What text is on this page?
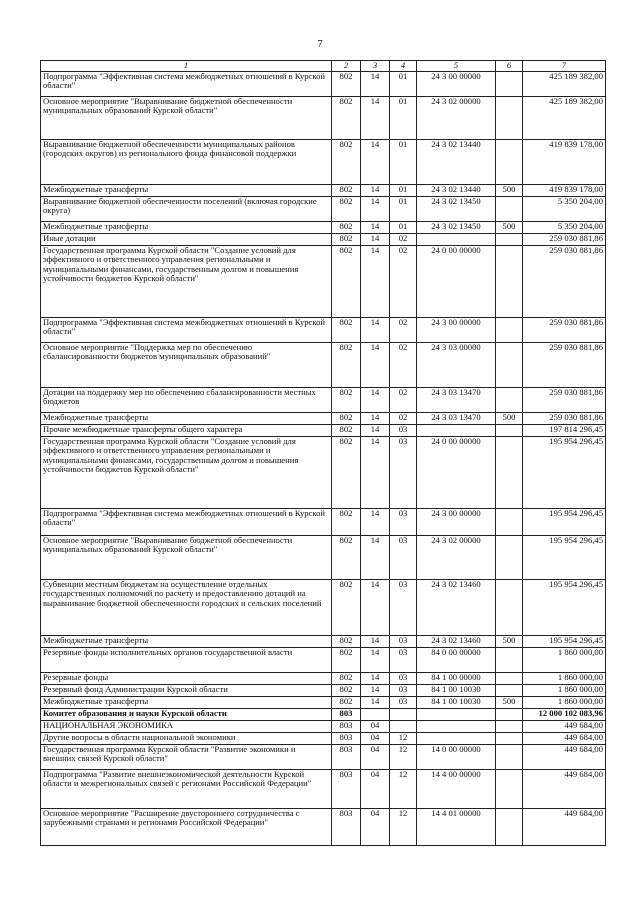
7
1	2	3	4	5	6	7
Подпрограмма "Эффективная система межбюджетных отношений в Курской области"	802	14	01	24 3 00 00000		425 189 382,00
Основное мероприятие "Выравнивание бюджетной обеспеченности муниципальных образований Курской области"	802	14	01	24 3 02 00000		425 189 382,00
Выравнивание бюджетной обеспеченности муниципальных районов (городских округов) из регионального фонда финансовой поддержки	802	14	01	24 3 02 13440		419 839 178,00
Межбюджетные трансферты	802	14	01	24 3 02 13440	500	419 839 178,00
Выравнивание бюджетной обеспеченности поселений (включая городские округа)	802	14	01	24 3 02 13450		5 350 204,00
Межбюджетные трансферты	802	14	01	24 3 02 13450	500	5 350 204,00
Иные дотации	802	14	02			259 030 881,86
Государственная программа Курской области "Создание условий для эффективного и ответственного управления региональными и муниципальными финансами, государственным долгом и повышения устойчивости бюджетов Курской области"	802	14	02	24 0 00 00000		259 030 881,86
Подпрограмма "Эффективная система межбюджетных отношений в Курской области"	802	14	02	24 3 00 00000		259 030 881,86
Основное мероприятие "Поддержка мер по обеспечению сбалансированности бюджетов муниципальных образований"	802	14	02	24 3 03 00000		259 030 881,86
Дотации на поддержку мер по обеспечению сбалансированности местных бюджетов	802	14	02	24 3 03 13470		259 030 881,86
Межбюджетные трансферты	802	14	02	24 3 03 13470	500	259 030 881,86
Прочие межбюджетные трансферты общего характера	802	14	03			197 814 296,45
Государственная программа Курской области "Создание условий для эффективного и ответственного управления региональными и муниципальными финансами, государственным долгом и повышения устойчивости бюджетов Курской области"	802	14	03	24 0 00 00000		195 954 296,45
Подпрограмма "Эффективная система межбюджетных отношений в Курской области"	802	14	03	24 3 00 00000		195 954 296,45
Основное мероприятие "Выравнивание бюджетной обеспеченности муниципальных образований Курской области"	802	14	03	24 3 02 00000		195 954 296,45
Субвенции местным бюджетам на осуществление отдельных государственных полномочий по расчету и предоставлению дотаций на выравнивание бюджетной обеспеченности городских и сельских поселений	802	14	03	24 3 02 13460		195 954 296,45
Межбюджетные трансферты	802	14	03	24 3 02 13460	500	195 954 296,45
Резервные фонды исполнительных органов государственной власти	802	14	03	84 0 00 00000		1 860 000,00
Резервные фонды	802	14	03	84 1 00 00000		1 860 000,00
Резервный фонд Администрации Курской области	802	14	03	84 1 00 10030		1 860 000,00
Межбюджетные трансферты	802	14	03	84 1 00 10030	500	1 860 000,00
Комитет образования и науки Курской области	803					12 000 102 083,96
НАЦИОНАЛЬНАЯ ЭКОНОМИКА	803	04				449 684,00
Другие вопросы в области национальной экономики	803	04	12			449 684,00
Государственная программа Курской области "Развитие экономики и внешних связей Курской области"	803	04	12	14 0 00 00000		449 684,00
Подпрограмма "Развитие внешнеэкономической деятельности Курской области и межрегиональных связей с регионами Российской Федерации"	803	04	12	14 4 00 00000		449 684,00
Основное мероприятие "Расширение двустороннего сотрудничества с зарубежными странами и регионами Российской Федерации"	803	04	12	14 4 01 00000		449 684,00
